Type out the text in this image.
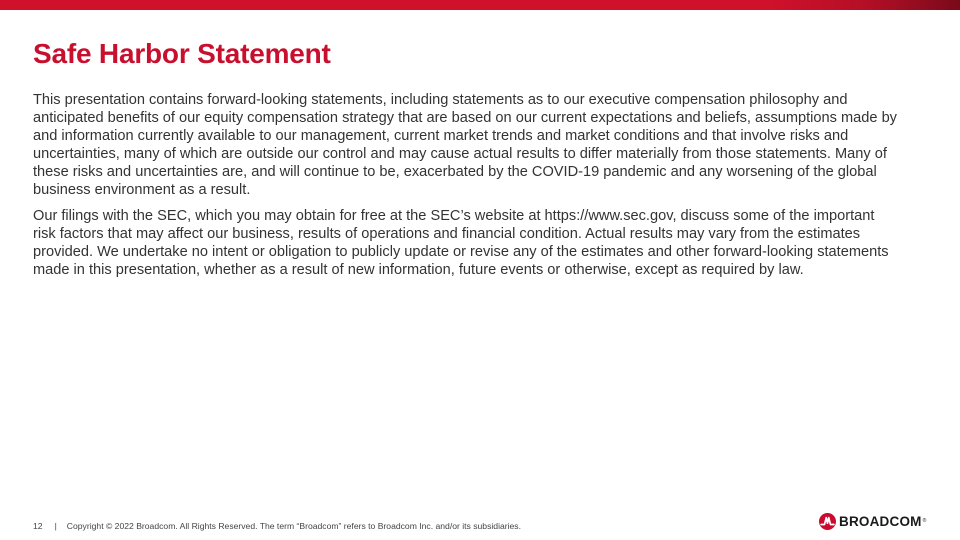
Safe Harbor Statement

This presentation contains forward-looking statements, including statements as to our executive compensation philosophy and anticipated benefits of our equity compensation strategy that are based on our current expectations and beliefs, assumptions made by and information currently available to our management, current market trends and market conditions and that involve risks and uncertainties, many of which are outside our control and may cause actual results to differ materially from those statements. Many of these risks and uncertainties are, and will continue to be, exacerbated by the COVID-19 pandemic and any worsening of the global business environment as a result.

Our filings with the SEC, which you may obtain for free at the SEC’s website at https://www.sec.gov, discuss some of the important risk factors that may affect our business, results of operations and financial condition. Actual results may vary from the estimates provided. We undertake no intent or obligation to publicly update or revise any of the estimates and other forward-looking statements made in this presentation, whether as a result of new information, future events or otherwise, except as required by law.

12 | Copyright © 2022 Broadcom. All Rights Reserved. The term “Broadcom” refers to Broadcom Inc. and/or its subsidiaries.	BROADCOM ®
